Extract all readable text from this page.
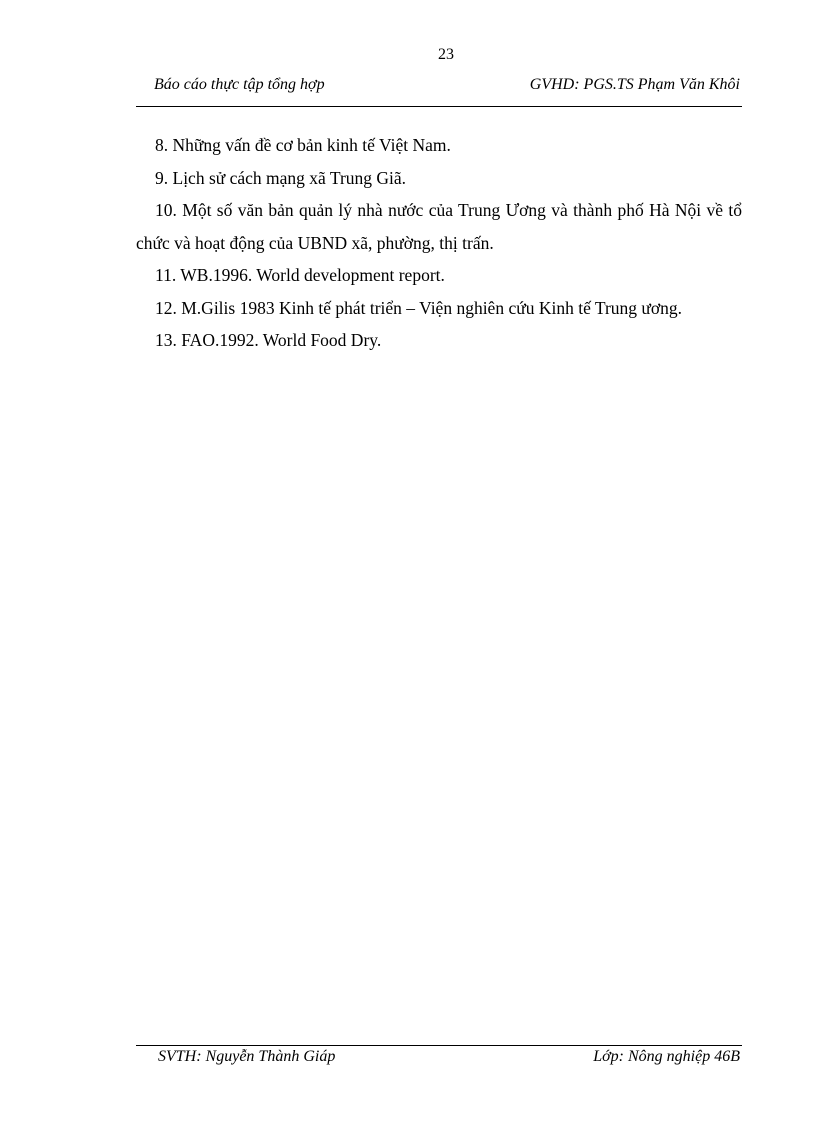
23
Báo cáo thực tập tổng hợp	GVHD: PGS.TS Phạm Văn Khôi
8. Những vấn đề cơ bản kinh tế Việt Nam.
9. Lịch sử cách mạng xã Trung Giã.
10. Một số văn bản quản lý nhà nước của Trung Ương và thành phố Hà Nội về tổ chức và hoạt động của UBND xã, phường, thị trấn.
11. WB.1996. World development report.
12. M.Gilis 1983 Kinh tế phát triển – Viện nghiên cứu Kinh tế Trung ương.
13. FAO.1992. World Food Dry.
SVTH: Nguyễn Thành Giáp	Lớp: Nông nghiệp 46B
